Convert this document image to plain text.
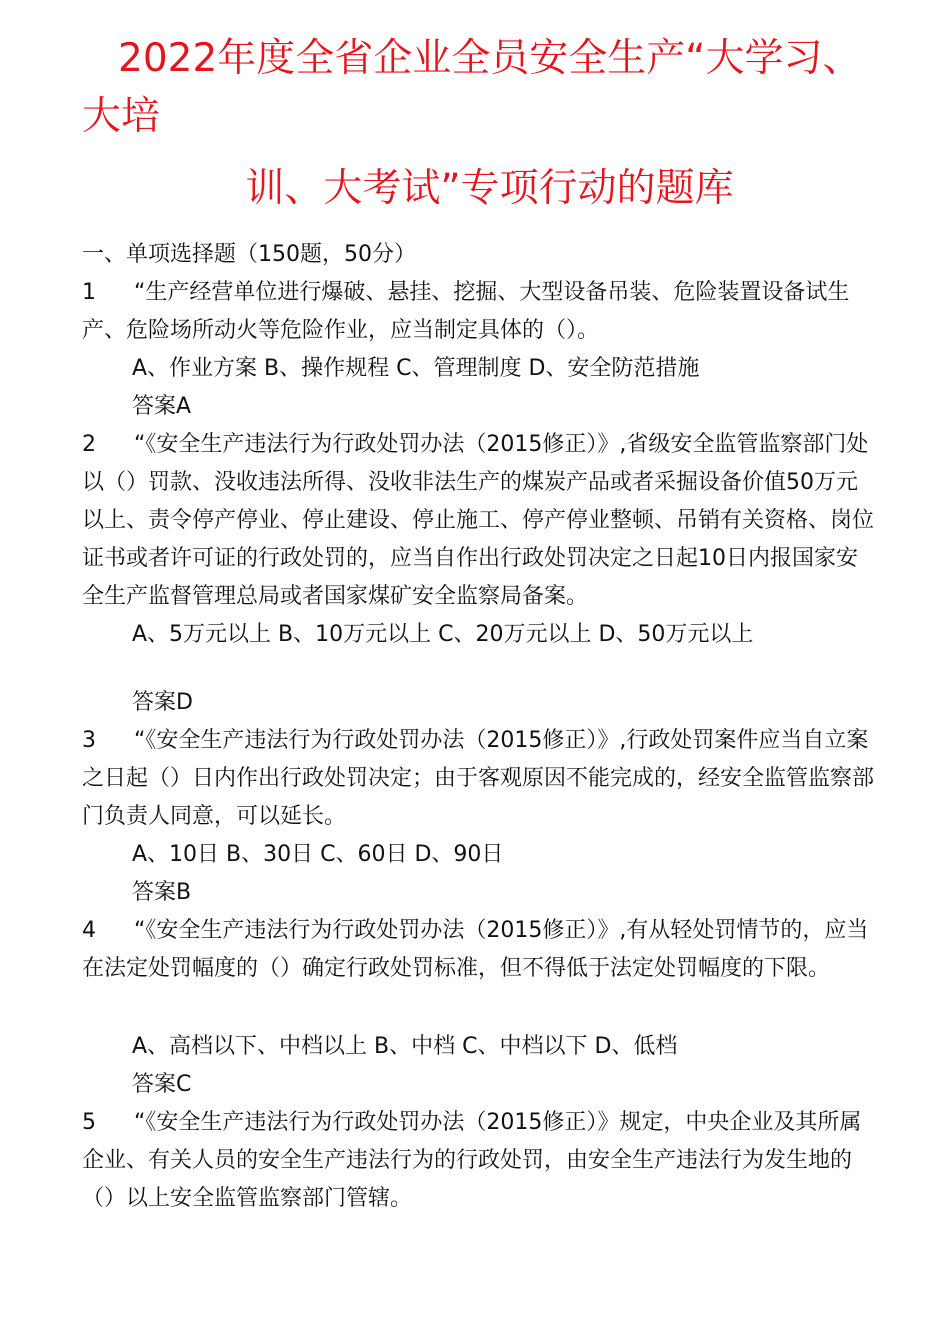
2022年度全省企业全员安全生产“大学习、大培

训、大考试”专项行动的题库

一、单项选择题（150题，50分）

1 “生产经营单位进行爆破、悬挂、挖掘、大型设备吊装、危险装置设备试生产、危险场所动火等危险作业，应当制定具体的（）。

A、作业方案 B、操作规程 C、管理制度 D、安全防范措施

答案A

2 “《安全生产违法行为行政处罚办法（2015修正）》,省级安全监管监察部门处以（）罚款、没收违法所得、没收非法生产的煤炭产品或者采掘设备价值50万元以上、责令停产停业、停止建设、停止施工、停产停业整顿、吊销有关资格、岗位证书或者许可证的行政处罚的，应当自作出行政处罚决定之日起10日内报国家安全生产监督管理总局或者国家煤矿安全监察局备案。

A、5万元以上 B、10万元以上 C、20万元以上 D、50万元以上

答案D

3 “《安全生产违法行为行政处罚办法（2015修正）》,行政处罚案件应当自立案之日起（）日内作出行政处罚决定；由于客观原因不能完成的，经安全监管监察部门负责人同意，可以延长。

A、10日 B、30日 C、60日 D、90日

答案B

4 “《安全生产违法行为行政处罚办法（2015修正）》,有从轻处罚情节的，应当在法定处罚幅度的（）确定行政处罚标准，但不得低于法定处罚幅度的下限。

A、高档以下、中档以上 B、中档 C、中档以下 D、低档

答案C

5 “《安全生产违法行为行政处罚办法（2015修正）》规定，中央企业及其所属企业、有关人员的安全生产违法行为的行政处罚，由安全生产违法行为发生地的（）以上安全监管监察部门管辖。
